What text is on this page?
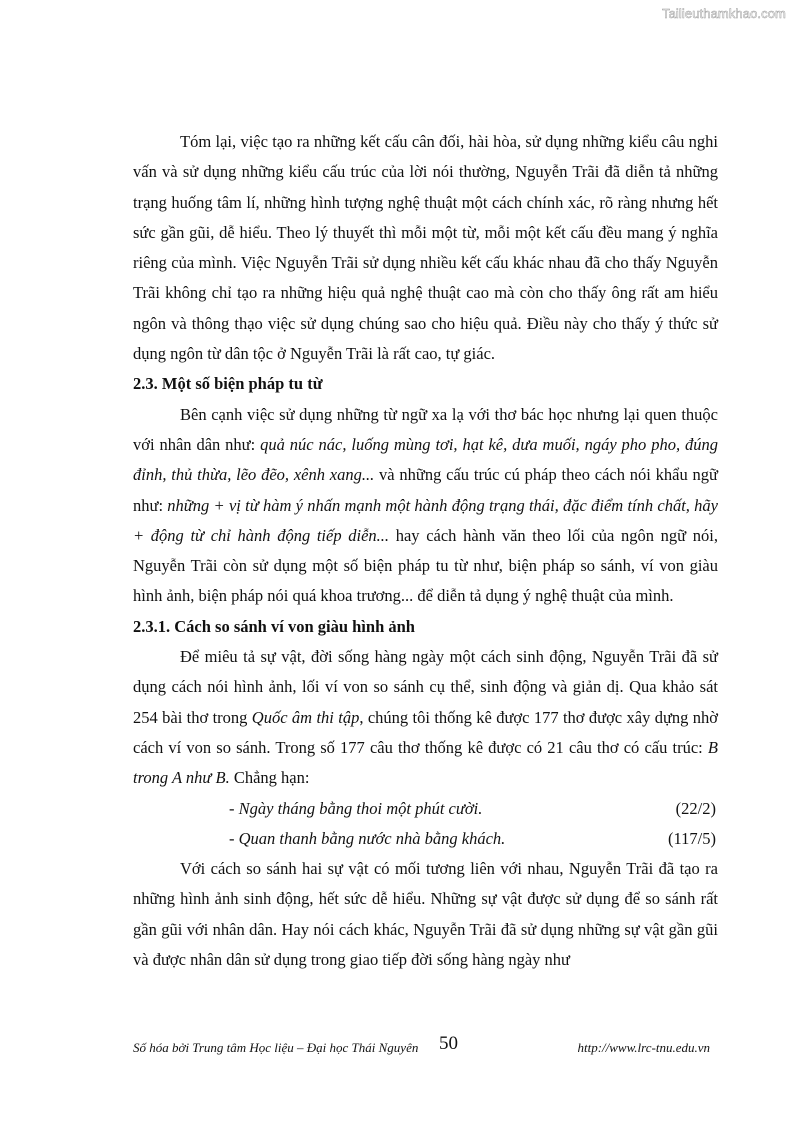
Tailieuthamkhao.com

Tóm lại, việc tạo ra những kết cấu cân đối, hài hòa, sử dụng những kiểu câu nghi vấn và sử dụng những kiểu cấu trúc của lời nói thường, Nguyễn Trãi đã diễn tả những trạng huống tâm lí, những hình tượng nghệ thuật một cách chính xác, rõ ràng nhưng hết sức gần gũi, dễ hiểu. Theo lý thuyết thì mỗi một từ, mỗi một kết cấu đều mang ý nghĩa riêng của mình. Việc Nguyễn Trãi sử dụng nhiều kết cấu khác nhau đã cho thấy Nguyễn Trãi không chỉ tạo ra những hiệu quả nghệ thuật cao mà còn cho thấy ông rất am hiểu ngôn và thông thạo việc sử dụng chúng sao cho hiệu quả. Điều này cho thấy ý thức sử dụng ngôn từ dân tộc ở Nguyễn Trãi là rất cao, tự giác.

2.3. Một số biện pháp tu từ

Bên cạnh việc sử dụng những từ ngữ xa lạ với thơ bác học nhưng lại quen thuộc với nhân dân như: quả núc nác, luống mùng tơi, hạt kê, dưa muối, ngáy pho pho, đúng đỉnh, thủ thừa, lẽo đẽo, xênh xang... và những cấu trúc cú pháp theo cách nói khẩu ngữ như: những + vị từ hàm ý nhấn mạnh một hành động trạng thái, đặc điểm tính chất, hãy + động từ chỉ hành động tiếp diễn... hay cách hành văn theo lối của ngôn ngữ nói, Nguyễn Trãi còn sử dụng một số biện pháp tu từ như, biện pháp so sánh, ví von giàu hình ảnh, biện pháp nói quá khoa trương... để diễn tả dụng ý nghệ thuật của mình.

2.3.1. Cách so sánh ví von giàu hình ảnh

Để miêu tả sự vật, đời sống hàng ngày một cách sinh động, Nguyễn Trãi đã sử dụng cách nói hình ảnh, lối ví von so sánh cụ thể, sinh động và giản dị. Qua khảo sát 254 bài thơ trong Quốc âm thi tập, chúng tôi thống kê được 177 thơ được xây dựng nhờ cách ví von so sánh. Trong số 177 câu thơ thống kê được có 21 câu thơ có cấu trúc: B trong A như B. Chẳng hạn:

- Ngày tháng bằng thoi một phút cười.	(22/2)
- Quan thanh bằng nước nhà bằng khách.	(117/5)

Với cách so sánh hai sự vật có mối tương liên với nhau, Nguyễn Trãi đã tạo ra những hình ảnh sinh động, hết sức dễ hiểu. Những sự vật được sử dụng để so sánh rất gần gũi với nhân dân. Hay nói cách khác, Nguyễn Trãi đã sử dụng những sự vật gần gũi và được nhân dân sử dụng trong giao tiếp đời sống hàng ngày như

Số hóa bởi Trung tâm Học liệu – Đại học Thái Nguyên 50	http://www.lrc-tnu.edu.vn
